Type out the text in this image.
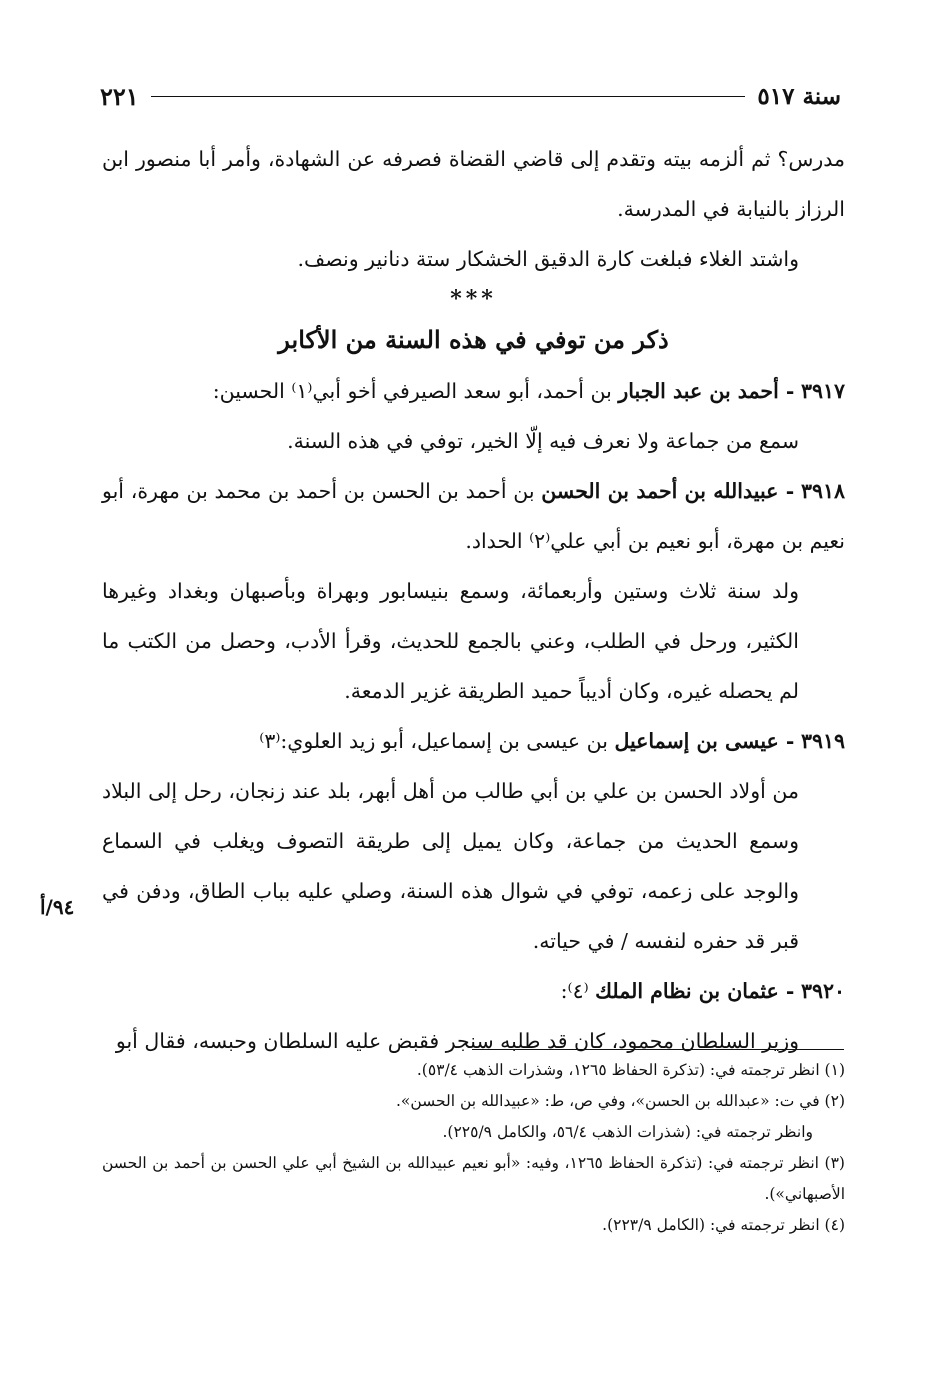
سنة ٥١٧
٢٢١

مدرس؟ ثم ألزمه بيته وتقدم إلى قاضي القضاة فصرفه عن الشهادة، وأمر أبا منصور ابن الرزاز بالنيابة في المدرسة.

واشتد الغلاء فبلغت كارة الدقيق الخشكار ستة دنانير ونصف.

***

ذكر من توفي في هذه السنة من الأكابر

٣٩١٧ - أحمد بن عبد الجبار بن أحمد، أبو سعد الصيرفي أخو أبي⁽١⁾ الحسين:

سمع من جماعة ولا نعرف فيه إلّا الخير، توفي في هذه السنة.

٣٩١٨ - عبيدالله بن أحمد بن الحسن بن أحمد بن الحسن بن أحمد بن محمد بن مهرة، أبو نعيم بن مهرة، أبو نعيم بن أبي علي⁽٢⁾ الحداد.

ولد سنة ثلاث وستين وأربعمائة، وسمع بنيسابور وبهراة وبأصبهان وبغداد وغيرها الكثير، ورحل في الطلب، وعني بالجمع للحديث، وقرأ الأدب، وحصل من الكتب ما لم يحصله غيره، وكان أديباً حميد الطريقة غزير الدمعة.

٣٩١٩ - عيسى بن إسماعيل بن عيسى بن إسماعيل، أبو زيد العلوي:⁽٣⁾

من أولاد الحسن بن علي بن أبي طالب من أهل أبهر، بلد عند زنجان، رحل إلى البلاد وسمع الحديث من جماعة، وكان يميل إلى طريقة التصوف ويغلب في السماع والوجد على زعمه، توفي في شوال هذه السنة، وصلي عليه بباب الطاق، ودفن في قبر قد حفره لنفسه / في حياته.

٣٩٢٠ - عثمان بن نظام الملك ⁽٤⁾:

وزير السلطان محمود، كان قد طلبه سنجر فقبض عليه السلطان وحبسه، فقال أبو

٩٤/أ

(١) انظر ترجمته في: (تذكرة الحفاظ ١٢٦٥، وشذرات الذهب ٥٣/٤).

(٢) في ت: «عبدالله بن الحسن»، وفي ص، ط: «عبيدالله بن الحسن».

وانظر ترجمته في: (شذرات الذهب ٥٦/٤، والكامل ٢٢٥/٩).

(٣) انظر ترجمته في: (تذكرة الحفاظ ١٢٦٥، وفيه: «أبو نعيم عبيدالله بن الشيخ أبي علي الحسن بن أحمد بن الحسن الأصبهاني»).

(٤) انظر ترجمته في: (الكامل ٢٢٣/٩).
